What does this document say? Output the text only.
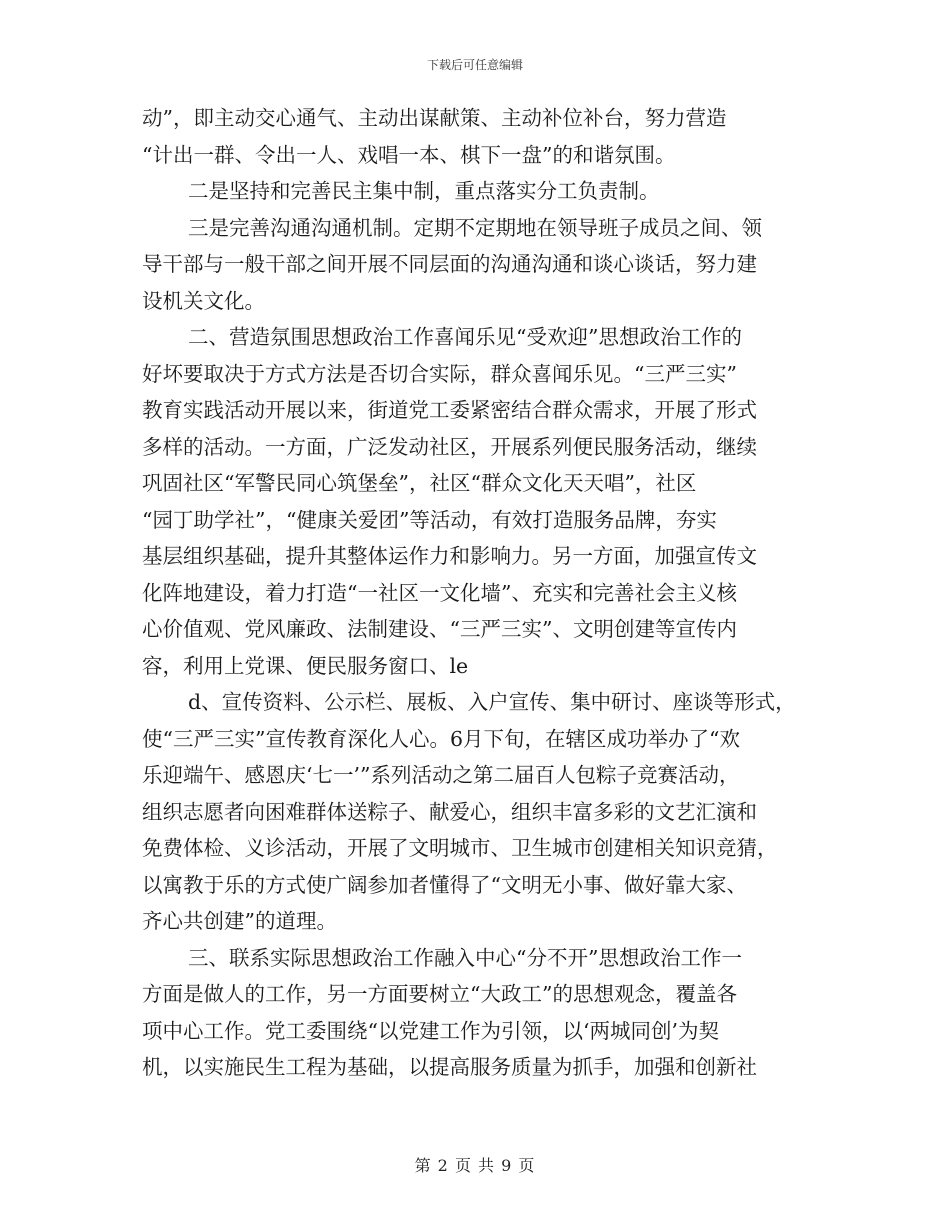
下载后可任意编辑
动”，即主动交心通气、主动出谋献策、主动补位补台，努力营造
“计出一群、令出一人、戏唱一本、棋下一盘”的和谐氛围。
二是坚持和完善民主集中制，重点落实分工负责制。
三是完善沟通沟通机制。定期不定期地在领导班子成员之间、领
导干部与一般干部之间开展不同层面的沟通沟通和谈心谈话，努力建
设机关文化。
二、营造氛围思想政治工作喜闻乐见“受欢迎”思想政治工作的
好坏要取决于方式方法是否切合实际，群众喜闻乐见。“三严三实”
教育实践活动开展以来，街道党工委紧密结合群众需求，开展了形式
多样的活动。一方面，广泛发动社区，开展系列便民服务活动，继续
巩固社区“军警民同心筑堡垒”，社区“群众文化天天唱”，社区
“园丁助学社”，“健康关爱团”等活动，有效打造服务品牌，夯实
基层组织基础，提升其整体运作力和影响力。另一方面，加强宣传文
化阵地建设，着力打造“一社区一文化墙”、充实和完善社会主义核
心价值观、党风廉政、法制建设、“三严三实”、文明创建等宣传内
容，利用上党课、便民服务窗口、le
d、宣传资料、公示栏、展板、入户宣传、集中研讨、座谈等形式，
使“三严三实”宣传教育深化人心。6月下旬，在辖区成功举办了“欢
乐迎端午、感恩庆‘七一’”系列活动之第二届百人包粽子竞赛活动，
组织志愿者向困难群体送粽子、献爱心，组织丰富多彩的文艺汇演和
免费体检、义诊活动，开展了文明城市、卫生城市创建相关知识竞猜，
以寓教于乐的方式使广阔参加者懂得了“文明无小事、做好靠大家、
齐心共创建”的道理。
三、联系实际思想政治工作融入中心“分不开”思想政治工作一
方面是做人的工作，另一方面要树立“大政工”的思想观念，覆盖各
项中心工作。党工委围绕“以党建工作为引领，以‘两城同创’为契
机，以实施民生工程为基础，以提高服务质量为抓手，加强和创新社
第 2 页 共 9 页
